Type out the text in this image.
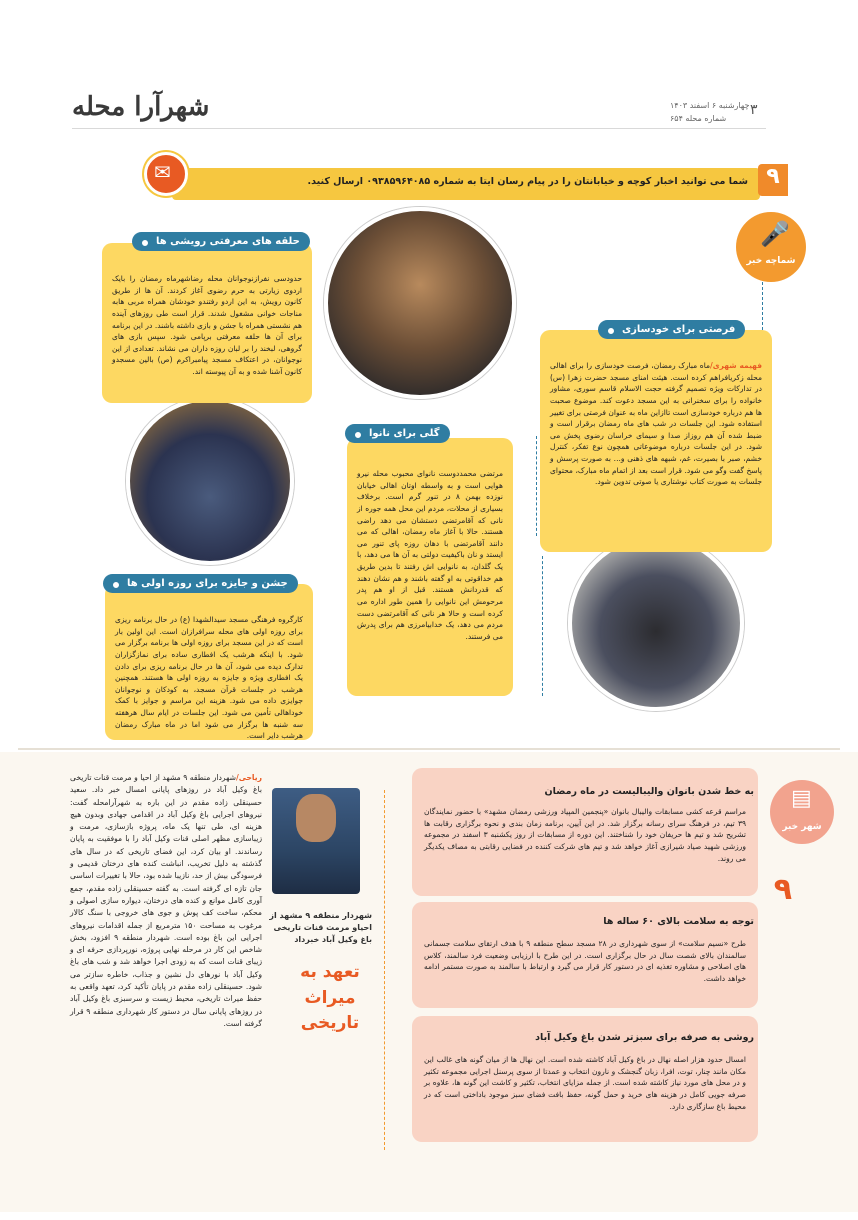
شهرآرا محله	۳
چهارشنبه ۶ اسفند ۱۴۰۳
شماره محله ۶۵۴
شما می توانید اخبار کوچه و خیابانتان را در پیام رسان ایتا به شماره ۰۹۳۸۵۹۶۴۰۸۵ ارسال کنید.
✉	۹
🎤
شماچه خبر
حدودسی نفرازنوجوانان محله رضاشهرماه رمضان را بایک اردوی زیارتی به حرم رضوی آغاز کردند. آن ها از طریق کانون رویش، به این اردو رفتندو خودشان همراه مربی هابه مناجات خوانی مشغول شدند. قرار است طی روزهای آینده هم نشستی همراه با جشن و بازی داشته باشند. در این برنامه برای آن ها حلقه معرفتی برپامی شود. سپس بازی های گروهی، لبخند را بر لبان روزه داران می نشاند. تعدادی از این نوجوانان، در اعتکاف مسجد پیامبراکرم (ص) بالین مسجدو کانون آشنا شده و به آن پیوسته اند.
حلقه های معرفتی رویشی ها
فهیمه شهری/ماه مبارک رمضان، فرصت خودسازی را برای اهالی محله زکریافراهم کرده است. هیئت امنای مسجد حضرت زهرا (س) در تدارکات ویژه تصمیم گرفته حجت الاسلام قاسم سوری، مشاور خانواده را برای سخنرانی به این مسجد دعوت کند. موضوع صحبت ها هم درباره خودسازی است تاازاین ماه به عنوان فرصتی برای تغییر استفاده شود. این جلسات در شب های ماه رمضان برقرار است و ضبط شده آن هم روزاز صدا و سیمای خراسان رضوی پخش می شود. در این جلسات درباره موضوعاتی همچون نوع تفکر، کنترل خشم، صبر با بصیرت، غم، شبهه های ذهنی و... به صورت پرسش و پاسخ گفت وگو می شود. قرار است بعد از اتمام ماه مبارک، محتوای جلسات به صورت کتاب نوشتاری یا صوتی تدوین شود.
فرصتی برای خودسازی
مرتضی محمددوست نانوای محبوب محله نیرو هوایی است و به واسطه اوتان اهالی خیابان نوزده بهمن ۸ در تنور گرم است. برخلاف بسیاری از محلات، مردم این محل همه جوره از نانی که آقامرتضی دستشان می دهد راضی هستند. حالا با آغاز ماه رمضان، اهالی که می دانند آقامرتضی با دهان روزه پای تنور می ایستد و نان باکیفیت دولتی به آن ها می دهد، با یک گلدان، به نانوایی اش رفتند تا بدین طریق هم خداقوتی به او گفته باشند و هم نشان دهند که قدردانش هستند. قبل از او هم پدر مرحومش این نانوایی را همین طور اداره می کرده است و حالا هر نانی که آقامرتضی دست مردم می دهد، یک خدابیامرزی هم برای پدرش می فرستند.
گلی برای نانوا
کارگروه فرهنگی مسجد سیدالشهدا (ع) در حال برنامه ریزی برای روزه اولی های محله سرافرازان است. این اولین بار است که در این مسجد برای روزه اولی ها برنامه برگزار می شود. با اینکه هرشب یک افطاری ساده برای نمازگزاران تدارک دیده می شود، آن ها در حال برنامه ریزی برای دادن یک افطاری ویژه و جایزه به روزه اولی ها هستند. همچنین هرشب در جلسات قرآن مسجد، به کودکان و نوجوانان جوایزی داده می شود. هزینه این مراسم و جوایز با کمک خوداهالی تأمین می شود. این جلسات در ایام سال هرهفته سه شنبه ها برگزار می شود اما در ماه مبارک رمضان هرشب دایر است.
جشن و جایزه برای روزه اولی ها
▤
شهر خبر
۹
به خط شدن بانوان والیبالیست در ماه رمضان
مراسم قرعه کشی مسابقات والیبال بانوان «پنجمین المپیاد ورزشی رمضان مشهد» با حضور نمایندگان ۳۹ تیم، در فرهنگ سرای رسانه برگزار شد. در این آیین، برنامه زمان بندی و نحوه برگزاری رقابت ها تشریح شد و تیم ها حریفان خود را شناختند. این دوره از مسابقات از روز یکشنبه ۳ اسفند در مجموعه ورزشی شهید صیاد شیرازی آغاز خواهد شد و تیم های شرکت کننده در فضایی رقابتی به مصاف یکدیگر می روند.
توجه به سلامت بالای ۶۰ ساله ها
طرح «نسیم سلامت» از سوی شهرداری در ۲۸ مسجد سطح منطقه ۹ با هدف ارتقای سلامت جسمانی سالمندان بالای شصت سال در حال برگزاری است. در این طرح با ارزیابی وضعیت فرد سالمند، کلاس های اصلاحی و مشاوره تغذیه ای در دستور کار قرار می گیرد و ارتباط با سالمند به صورت مستمر ادامه خواهد داشت.
روشی به صرفه برای سبزتر شدن باغ وکیل آباد
امسال حدود هزار اصله نهال در باغ وکیل آباد کاشته شده است. این نهال ها از میان گونه های غالب این مکان مانند چنار، توت، افرا، زبان گنجشک و نارون انتخاب و عمدتا از سوی پرسنل اجرایی مجموعه تکثیر و در محل های مورد نیاز کاشته شده است. از جمله مزایای انتخاب، تکثیر و کاشت این گونه ها، علاوه بر صرفه جویی کامل در هزینه های خرید و حمل گونه، حفظ بافت فضای سبز موجود باداختی است که در محیط باغ سازگاری دارد.
شهردار منطقه ۹ مشهد از احیاو مرمت قنات تاریخی باغ وکیل آباد خبرداد
تعهد به میراث تاریخی
ریاحی/شهردار منطقه ۹ مشهد از احیا و مرمت قنات تاریخی باغ وکیل آباد در روزهای پایانی امسال خبر داد. سعید حسینقلی زاده مقدم در این باره به شهرآرامحله گفت: نیروهای اجرایی باغ وکیل آباد در اقدامی جهادی وبدون هیچ هزینه ای، طی تنها یک ماه، پروژه بازسازی، مرمت و زیباسازی مظهر اصلی قنات وکیل آباد را با موفقیت به پایان رساندند. او بیان کرد، این فضای تاریخی که در سال های گذشته به دلیل تخریب، انباشت کنده های درختان قدیمی و فرسودگی بیش از حد، نازیبا شده بود، حالا با تغییرات اساسی جان تازه ای گرفته است. به گفته حسینقلی زاده مقدم، جمع آوری کامل موانع و کنده های درختان، دیواره سازی اصولی و محکم، ساخت کف پوش و جوی های خروجی با سنگ کالار مرغوب به مساحت ۱۵۰ مترمربع از جمله اقدامات نیروهای اجرایی این باغ بوده است. شهردار منطقه ۹ افزود، بخش شاخص این کار در مرحله نهایی پروژه، نورپردازی حرفه ای و زیبای قنات است که به زودی اجرا خواهد شد و شب های باغ وکیل آباد با نورهای دل نشین و جذاب، خاطره سازتر می شود. حسینقلی زاده مقدم در پایان تأکید کرد، تعهد واقعی به حفظ میراث تاریخی، محیط زیست و سرسبزی باغ وکیل آباد در روزهای پایانی سال در دستور کار شهرداری منطقه ۹ قرار گرفته است.
